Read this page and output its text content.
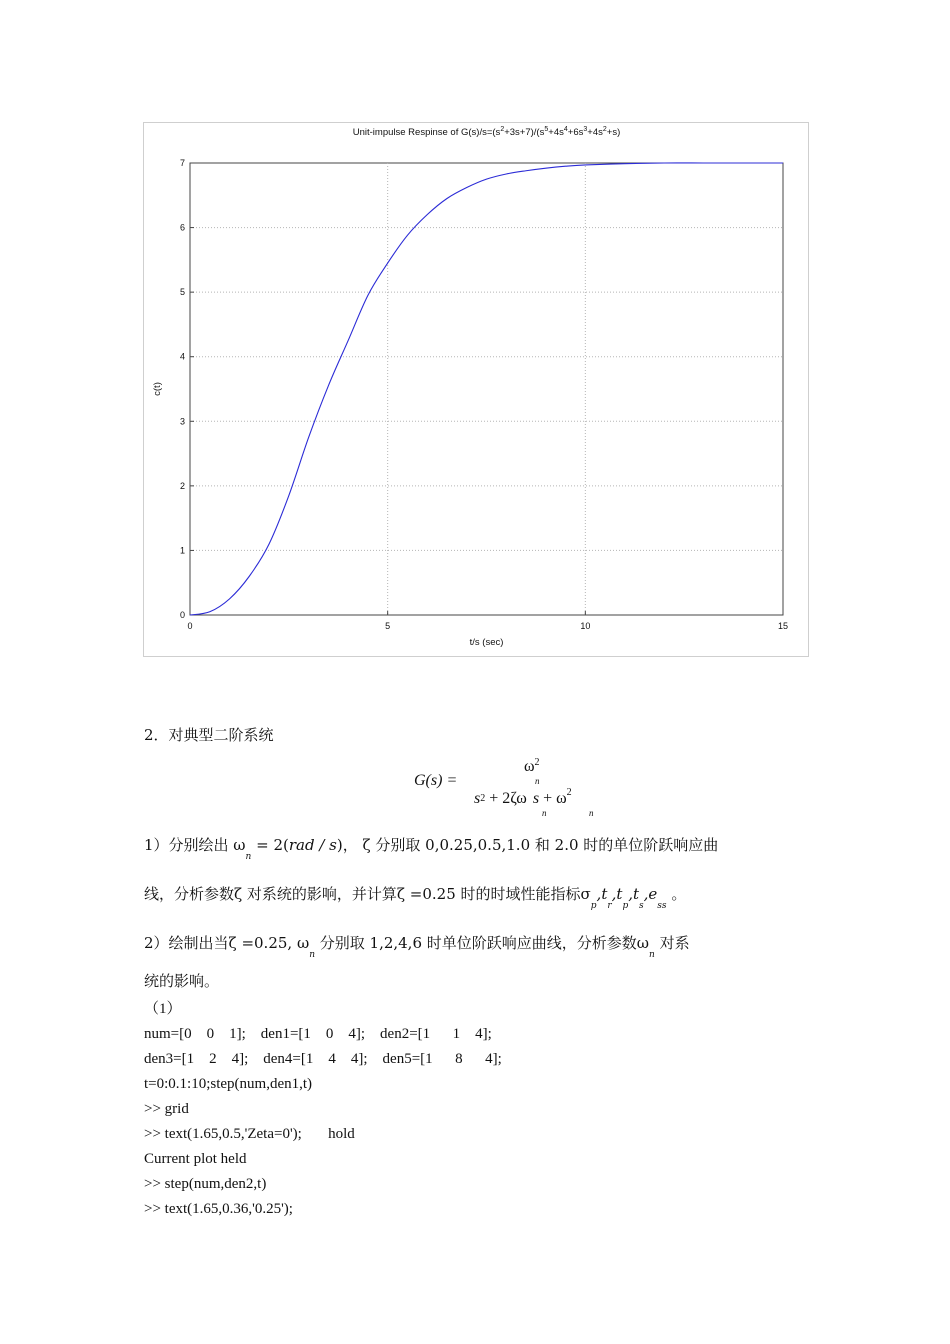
0	5	10	15
0
1
2
3
4
5
6
7
Unit-impulse Respinse of $G(s)/s=(s^2+3s+7)/(s^5+4s^4+6s^3+4s^2+s)$
t/s (sec)
c(t)
2．对典型二阶系统
G(s) =
$\omega^2$
n
s2 + 2ζω $s + \omega^2$
n	n
1）分别绘出 $\omega_n = 2(rad / s)$， ζ 分别取 0,0.25,0.5,1.0 和 2.0 时的单位阶跃响应曲
线，分析参数ζ 对系统的影响，并计算ζ =0.25 时的时域性能指标$\sigma_p,t_r,t_p,t_s,e_{ss}$ 。
2）绘制出当ζ =0.25, $\omega_n$ 分别取 1,2,4,6 时单位阶跃响应曲线，分析参数$\omega_n$ 对系
统的影响。
（1）
num=[0    0    1];    den1=[1    0    4];    den2=[1      1    4];
den3=[1    2    4];    den4=[1    4    4];    den5=[1      8      4];
t=0:0.1:10;step(num,den1,t)
>> grid
>> text(1.65,0.5,'Zeta=0');       hold
Current plot held
>> step(num,den2,t)
>> text(1.65,0.36,'0.25');
